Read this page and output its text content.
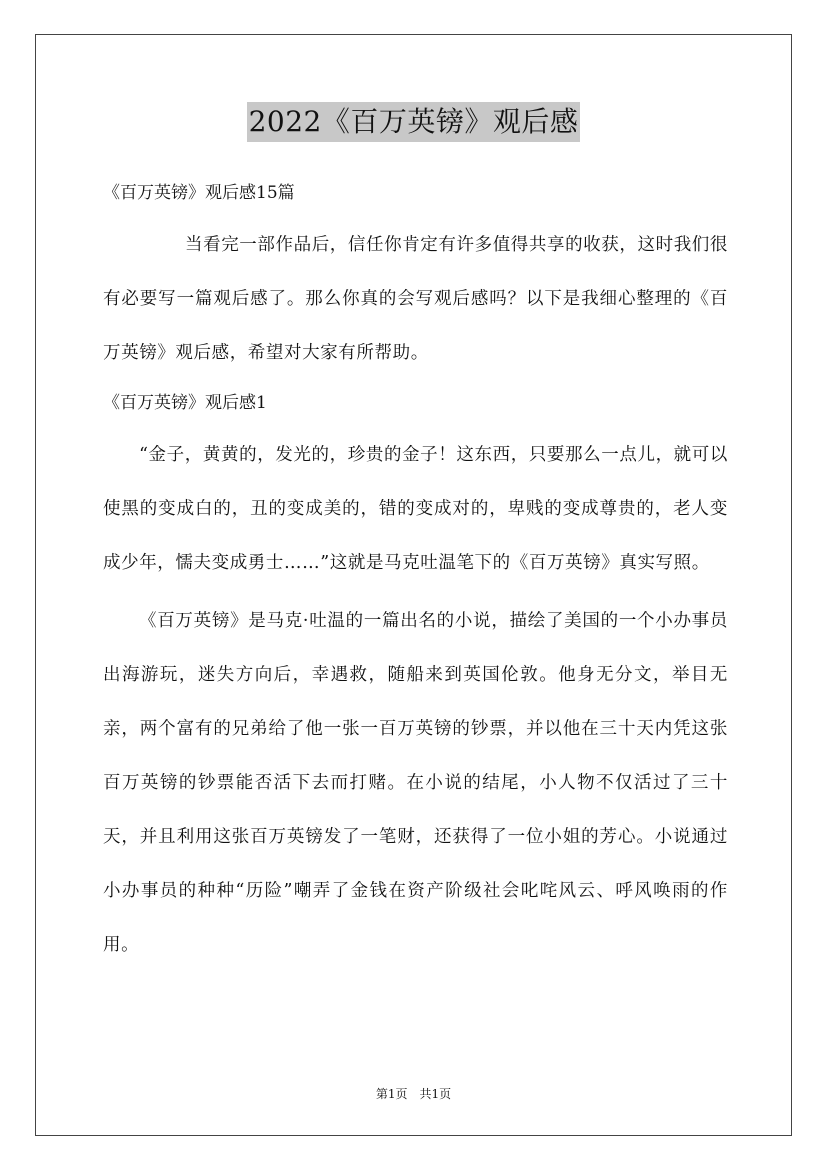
2022《百万英镑》观后感

《百万英镑》观后感15篇

当看完一部作品后，信任你肯定有许多值得共享的收获，这时我们很有必要写一篇观后感了。那么你真的会写观后感吗？以下是我细心整理的《百万英镑》观后感，希望对大家有所帮助。

《百万英镑》观后感1

“金子，黄黄的，发光的，珍贵的金子！这东西，只要那么一点儿，就可以使黑的变成白的，丑的变成美的，错的变成对的，卑贱的变成尊贵的，老人变成少年，懦夫变成勇士……”这就是马克吐温笔下的《百万英镑》真实写照。

《百万英镑》是马克·吐温的一篇出名的小说，描绘了美国的一个小办事员出海游玩，迷失方向后，幸遇救，随船来到英国伦敦。他身无分文，举目无亲，两个富有的兄弟给了他一张一百万英镑的钞票，并以他在三十天内凭这张百万英镑的钞票能否活下去而打赌。在小说的结尾，小人物不仅活过了三十天，并且利用这张百万英镑发了一笔财，还获得了一位小姐的芳心。小说通过小办事员的种种“历险”嘲弄了金钱在资产阶级社会叱咤风云、呼风唤雨的作用。

第1页　共1页
